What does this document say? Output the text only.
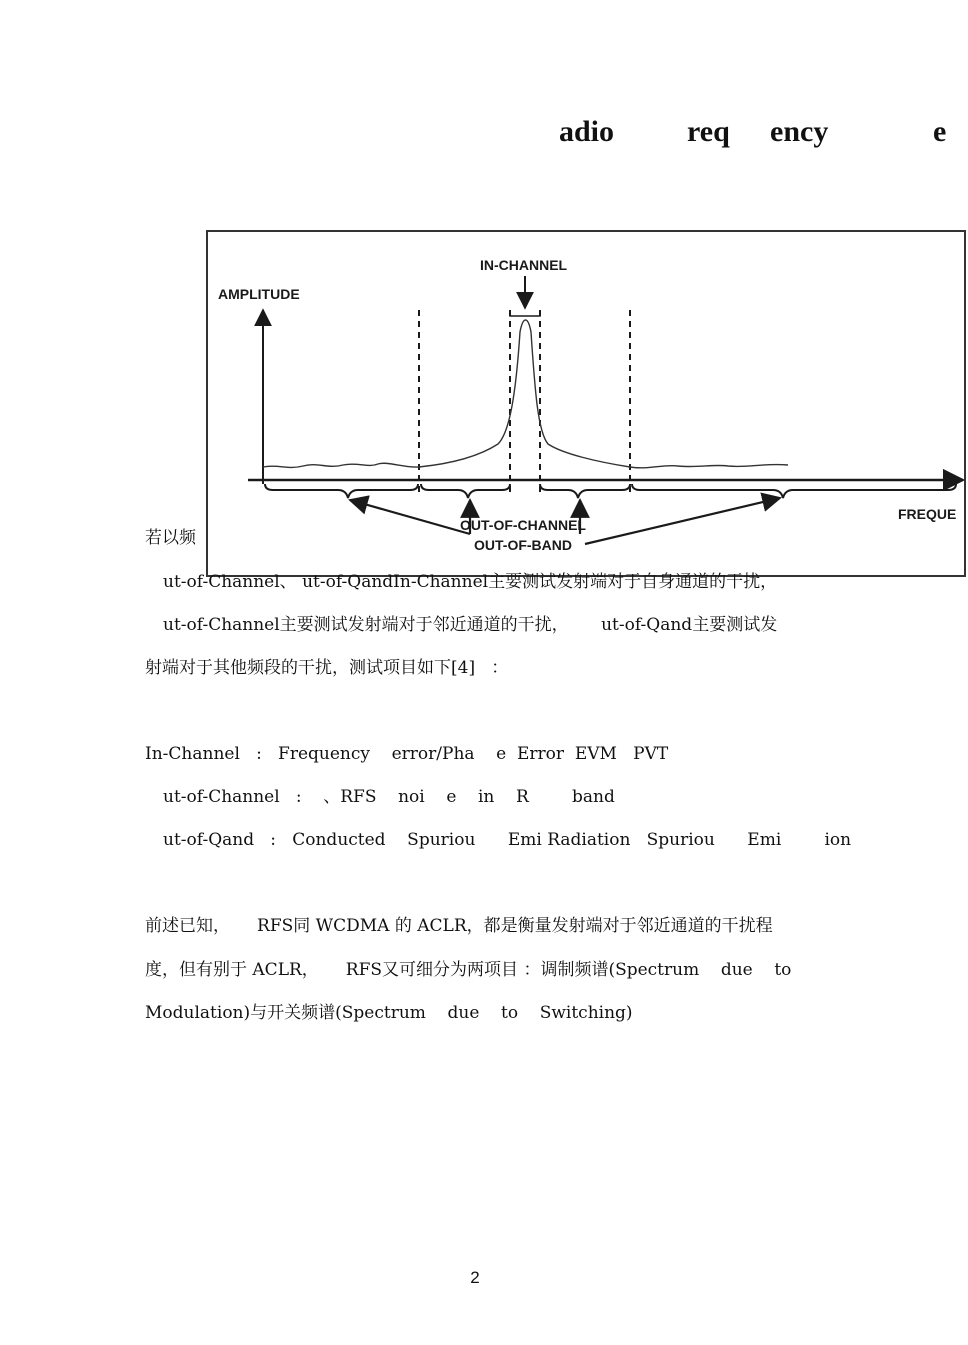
adio req ency	e
若以频
AMPLITUDE
IN-CHANNEL
FREQUE
OUT-OF-CHANNEL
OUT-OF-BAND
ut-of-Channel、 ut-of-QandIn-Channel主要测试发射端对于自身通道的干扰，
ut-of-Channel主要测试发射端对于邻近通道的干扰，      ut-of-Qand主要测试发
射端对于其他频段的干扰，测试项目如下[4]   ：
In-Channel   :   Frequency    error/Pha    e  Error  EVM   PVT
ut-of-Channel   :    、RFS    noi    e    in    R        band
ut-of-Qand   :   Conducted    Spuriou      Emi Radiation   Spuriou      Emi        ion
前述已知，     RFS同 WCDMA 的 ACLR，都是衡量发射端对于邻近通道的干扰程
度，但有别于 ACLR，     RFS又可细分为两项目 ：调制频谱(Spectrum    due    to
Modulation)与开关频谱(Spectrum    due    to    Switching)
2
